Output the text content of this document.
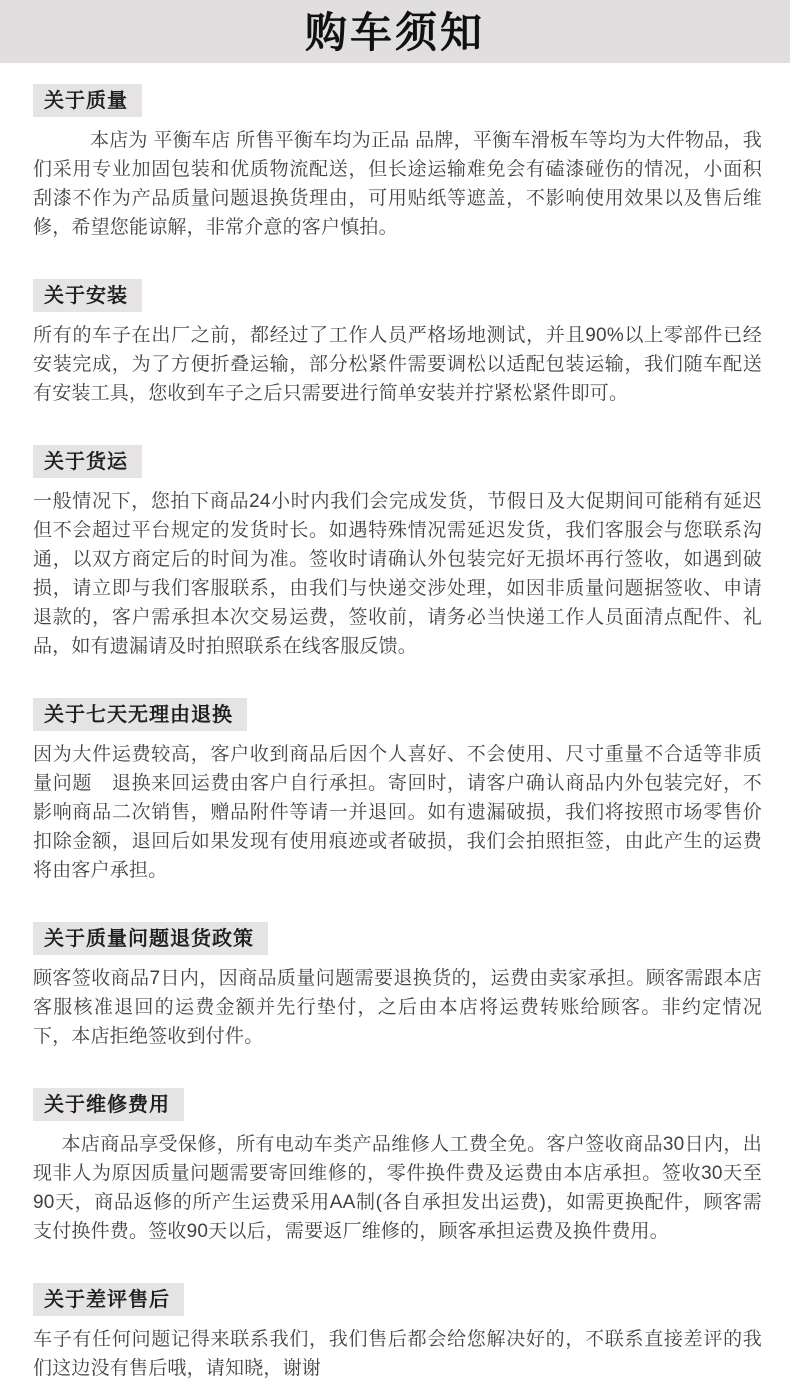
购车须知
关于质量

本店为 平衡车店 所售平衡车均为正品 品牌，平衡车滑板车等均为大件物品，我们采用专业加固包装和优质物流配送，但长途运输难免会有磕漆碰伤的情况，小面积刮漆不作为产品质量问题退换货理由，可用贴纸等遮盖，不影响使用效果以及售后维修，希望您能谅解，非常介意的客户慎拍。

关于安装

所有的车子在出厂之前，都经过了工作人员严格场地测试，并且90%以上零部件已经安装完成，为了方便折叠运输，部分松紧件需要调松以适配包装运输，我们随车配送有安装工具，您收到车子之后只需要进行简单安装并拧紧松紧件即可。

关于货运

一般情况下，您拍下商品24小时内我们会完成发货，节假日及大促期间可能稍有延迟但不会超过平台规定的发货时长。如遇特殊情况需延迟发货，我们客服会与您联系沟通，以双方商定后的时间为准。签收时请确认外包装完好无损坏再行签收，如遇到破损，请立即与我们客服联系，由我们与快递交涉处理，如因非质量问题据签收、申请退款的，客户需承担本次交易运费，签收前，请务必当快递工作人员面清点配件、礼品，如有遗漏请及时拍照联系在线客服反馈。

关于七天无理由退换

因为大件运费较高，客户收到商品后因个人喜好、不会使用、尺寸重量不合适等非质量问题　退换来回运费由客户自行承担。寄回时，请客户确认商品内外包装完好，不影响商品二次销售，赠品附件等请一并退回。如有遗漏破损，我们将按照市场零售价扣除金额，退回后如果发现有使用痕迹或者破损，我们会拍照拒签，由此产生的运费将由客户承担。

关于质量问题退货政策

顾客签收商品7日内，因商品质量问题需要退换货的，运费由卖家承担。顾客需跟本店客服核准退回的运费金额并先行垫付，之后由本店将运费转账给顾客。非约定情况下，本店拒绝签收到付件。

关于维修费用

本店商品享受保修，所有电动车类产品维修人工费全免。客户签收商品30日内，出现非人为原因质量问题需要寄回维修的，零件换件费及运费由本店承担。签收30天至90天，商品返修的所产生运费采用AA制(各自承担发出运费)，如需更换配件，顾客需支付换件费。签收90天以后，需要返厂维修的，顾客承担运费及换件费用。

关于差评售后

车子有任何问题记得来联系我们，我们售后都会给您解决好的，不联系直接差评的我们这边没有售后哦，请知晓，谢谢
